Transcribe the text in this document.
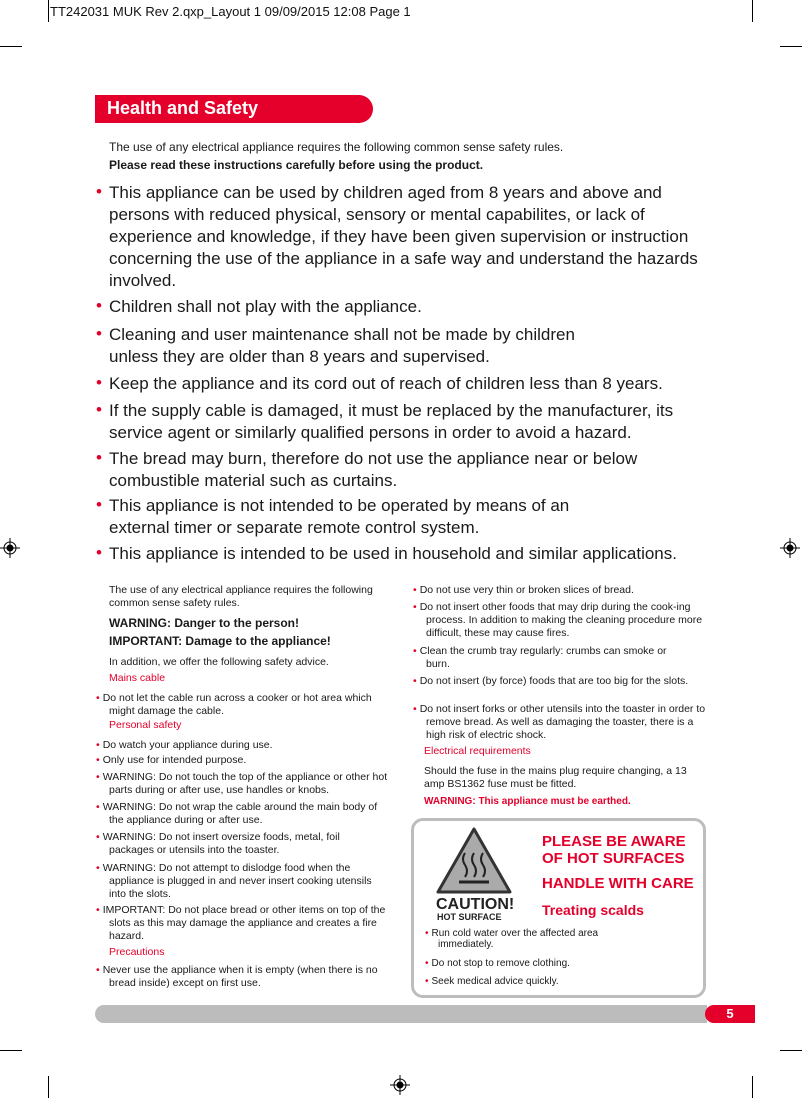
TT242031 MUK Rev 2.qxp_Layout 1 09/09/2015 12:08 Page 1
Health and Safety
The use of any electrical appliance requires the following common sense safety rules.
Please read these instructions carefully before using the product.
• This appliance can be used by children aged from 8 years and above and persons with reduced physical, sensory or mental capabilites, or lack of experience and knowledge, if they have been given supervision or instruction concerning the use of the appliance in a safe way and understand the hazards involved.
• Children shall not play with the appliance.
• Cleaning and user maintenance shall not be made by children unless they are older than 8 years and supervised.
• Keep the appliance and its cord out of reach of children less than 8 years.
• If the supply cable is damaged, it must be replaced by the manufacturer, its service agent or similarly qualified persons in order to avoid a hazard.
• The bread may burn, therefore do not use the appliance near or below combustible material such as curtains.
• This appliance is not intended to be operated by means of an external timer or separate remote control system.
• This appliance is intended to be used in household and similar applications.
The use of any electrical appliance requires the following common sense safety rules.
WARNING: Danger to the person!
IMPORTANT: Damage to the appliance!
In addition, we offer the following safety advice.
Mains cable
• Do not let the cable run across a cooker or hot area which might damage the cable.
Personal safety
• Do watch your appliance during use.
• Only use for intended purpose.
• WARNING: Do not touch the top of the appliance or other hot parts during or after use, use handles or knobs.
• WARNING: Do not wrap the cable around the main body of the appliance during or after use.
• WARNING: Do not insert oversize foods, metal, foil packages or utensils into the toaster.
• WARNING: Do not attempt to dislodge food when the appliance is plugged in and never insert cooking utensils into the slots.
• IMPORTANT: Do not place bread or other items on top of the slots as this may damage the appliance and creates a fire hazard.
Precautions
• Never use the appliance when it is empty (when there is no bread inside) except on first use.
• Do not use very thin or broken slices of bread.
• Do not insert other foods that may drip during the cook-ing process. In addition to making the cleaning procedure more difficult, these may cause fires.
• Clean the crumb tray regularly: crumbs can smoke or burn.
• Do not insert (by force) foods that are too big for the slots.
• Do not insert forks or other utensils into the toaster in order to remove bread. As well as damaging the toaster, there is a high risk of electric shock.
Electrical requirements
Should the fuse in the mains plug require changing, a 13 amp BS1362 fuse must be fitted.
WARNING: This appliance must be earthed.
CAUTION!
HOT SURFACE
PLEASE BE AWARE
OF HOT SURFACES
HANDLE WITH CARE
Treating scalds
• Run cold water over the affected area immediately.
• Do not stop to remove clothing.
• Seek medical advice quickly.
5
